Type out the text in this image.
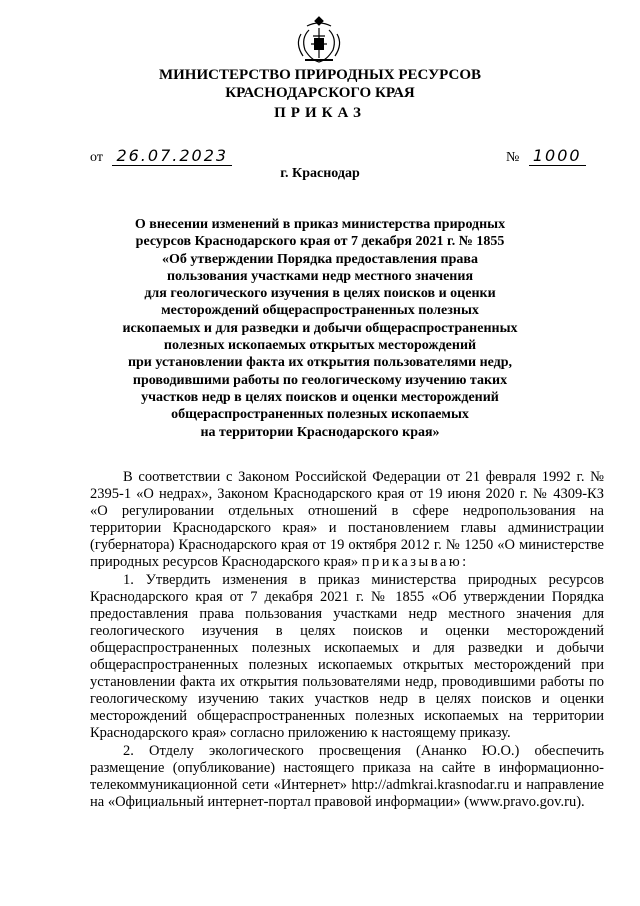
МИНИСТЕРСТВО ПРИРОДНЫХ РЕСУРСОВ
КРАСНОДАРСКОГО КРАЯ
ПРИКАЗ
от 26.07.2023	№ 1000
г. Краснодар
О внесении изменений в приказ министерства природных
ресурсов Краснодарского края от 7 декабря 2021 г. № 1855
«Об утверждении Порядка предоставления права
пользования участками недр местного значения
для геологического изучения в целях поисков и оценки
месторождений общераспространенных полезных
ископаемых и для разведки и добычи общераспространенных
полезных ископаемых открытых месторождений
при установлении факта их открытия пользователями недр,
проводившими работы по геологическому изучению таких
участков недр в целях поисков и оценки месторождений
общераспространенных полезных ископаемых
на территории Краснодарского края»

В соответствии с Законом Российской Федерации от 21 февраля 1992 г. № 2395-1 «О недрах», Законом Краснодарского края от 19 июня 2020 г. № 4309-КЗ «О регулировании отдельных отношений в сфере недропользования на территории Краснодарского края» и постановлением главы администрации (губернатора) Краснодарского края от 19 октября 2012 г. № 1250 «О министерстве природных ресурсов Краснодарского края» приказываю:

1. Утвердить изменения в приказ министерства природных ресурсов Краснодарского края от 7 декабря 2021 г. № 1855 «Об утверждении Порядка предоставления права пользования участками недр местного значения для геологического изучения в целях поисков и оценки месторождений общераспространенных полезных ископаемых и для разведки и добычи общераспространенных полезных ископаемых открытых месторождений при установлении факта их открытия пользователями недр, проводившими работы по геологическому изучению таких участков недр в целях поисков и оценки месторождений общераспространенных полезных ископаемых на территории Краснодарского края» согласно приложению к настоящему приказу.

2. Отделу экологического просвещения (Ананко Ю.О.) обеспечить размещение (опубликование) настоящего приказа на сайте в информационно-телекоммуникационной сети «Интернет» http://admkrai.krasnodar.ru и направление на «Официальный интернет-портал правовой информации» (www.pravo.gov.ru).
